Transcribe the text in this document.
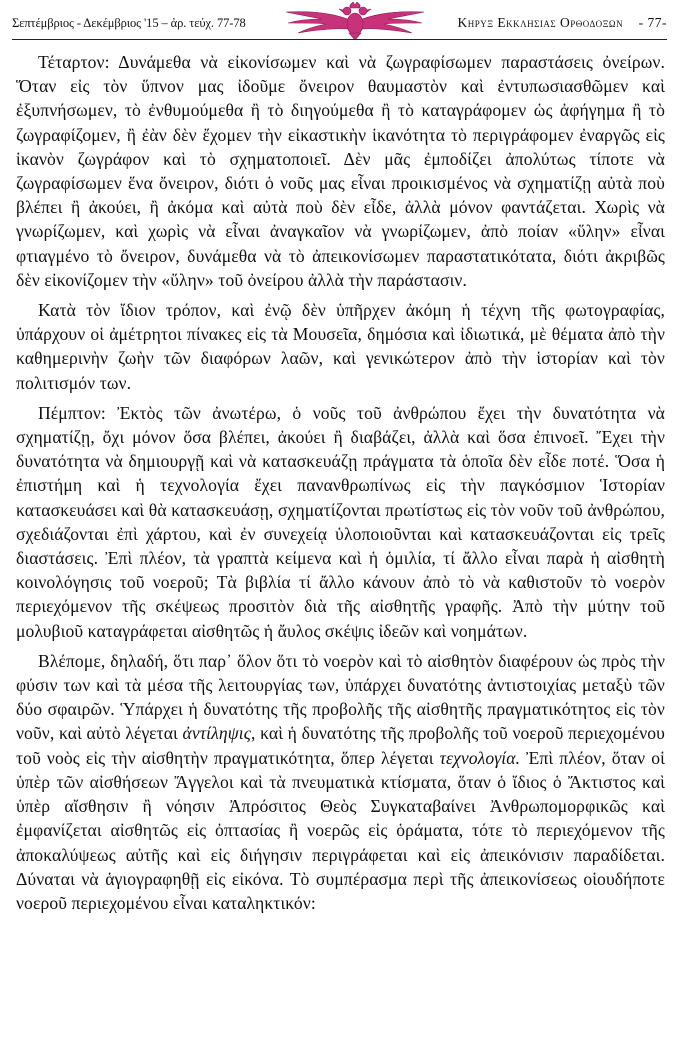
Σεπτέμβριος - Δεκέμβριος '15 – ἀρ. τεύχ. 77-78	Κηρυξ Εκκλησιας Ορθοδοξων - 77-

Τέταρτον: Δυνάμεθα νὰ εἰκονίσωμεν καὶ νὰ ζωγραφίσωμεν παραστάσεις ὀνείρων. Ὅταν εἰς τὸν ὕπνον μας ἰδοῦμε ὄνειρον θαυμαστὸν καὶ ἐντυπωσιασθῶμεν καὶ ἐξυπνήσωμεν, τὸ ἐνθυμούμεθα ἢ τὸ διηγούμεθα ἢ τὸ καταγράφομεν ὡς ἀφήγημα ἢ τὸ ζωγραφίζομεν, ἢ ἐὰν δὲν ἔχομεν τὴν εἰκαστικὴν ἱκανότητα τὸ περιγράφομεν ἐναργῶς εἰς ἱκανὸν ζωγράφον καὶ τὸ σχηματοποιεῖ. Δὲν μᾶς ἐμποδίζει ἀπολύτως τίποτε νὰ ζωγραφίσωμεν ἕνα ὄνειρον, διότι ὁ νοῦς μας εἶναι προικισμένος νὰ σχηματίζῃ αὐτὰ ποὺ βλέπει ἢ ἀκούει, ἢ ἀκόμα καὶ αὐτὰ ποὺ δὲν εἶδε, ἀλλὰ μόνον φαντάζεται. Χωρὶς νὰ γνωρίζωμεν, καὶ χωρὶς νὰ εἶναι ἀναγκαῖον νὰ γνωρίζωμεν, ἀπὸ ποίαν «ὕλην» εἶναι φτιαγμένο τὸ ὄνειρον, δυνάμεθα νὰ τὸ ἀπεικονίσωμεν παραστατικότατα, διότι ἀκριβῶς δὲν εἰκονίζομεν τὴν «ὕλην» τοῦ ὀνείρου ἀλλὰ τὴν παράστασιν.

Κατὰ τὸν ἴδιον τρόπον, καὶ ἐνῷ δὲν ὑπῆρχεν ἀκόμη ἡ τέχνη τῆς φωτογραφίας, ὑπάρχουν οἱ ἀμέτρητοι πίνακες εἰς τὰ Μουσεῖα, δημόσια καὶ ἰδιωτικά, μὲ θέματα ἀπὸ τὴν καθημερινὴν ζωὴν τῶν διαφόρων λαῶν, καὶ γενικώτερον ἀπὸ τὴν ἱστορίαν καὶ τὸν πολιτισμόν των.

Πέμπτον: Ἐκτὸς τῶν ἀνωτέρω, ὁ νοῦς τοῦ ἀνθρώπου ἔχει τὴν δυνατότητα νὰ σχηματίζῃ, ὄχι μόνον ὅσα βλέπει, ἀκούει ἢ διαβάζει, ἀλλὰ καὶ ὅσα ἐπινοεῖ. Ἔχει τὴν δυνατότητα νὰ δημιουργῇ καὶ νὰ κατασκευάζῃ πράγματα τὰ ὁποῖα δὲν εἶδε ποτέ. Ὅσα ἡ ἐπιστήμη καὶ ἡ τεχνολογία ἔχει πανανθρωπίνως εἰς τὴν παγκόσμιον Ἱστορίαν κατασκευάσει καὶ θὰ κατασκευάσῃ, σχηματίζονται πρωτίστως εἰς τὸν νοῦν τοῦ ἀνθρώπου, σχεδιάζονται ἐπὶ χάρτου, καὶ ἐν συνεχείᾳ ὑλοποιοῦνται καὶ κατασκευάζονται εἰς τρεῖς διαστάσεις. Ἐπὶ πλέον, τὰ γραπτὰ κείμενα καὶ ἡ ὁμιλία, τί ἄλλο εἶναι παρὰ ἡ αἰσθητὴ κοινολόγησις τοῦ νοεροῦ; Τὰ βιβλία τί ἄλλο κάνουν ἀπὸ τὸ νὰ καθιστοῦν τὸ νοερὸν περιεχόμενον τῆς σκέψεως προσιτὸν διὰ τῆς αἰσθητῆς γραφῆς. Ἀπὸ τὴν μύτην τοῦ μολυβιοῦ καταγράφεται αἰσθητῶς ἡ ἄυλος σκέψις ἰδεῶν καὶ νοημάτων.

Βλέπομε, δηλαδή, ὅτι παρ᾽ ὅλον ὅτι τὸ νοερὸν καὶ τὸ αἰσθητὸν διαφέρουν ὡς πρὸς τὴν φύσιν των καὶ τὰ μέσα τῆς λειτουργίας των, ὑπάρχει δυνατότης ἀντιστοιχίας μεταξὺ τῶν δύο σφαιρῶν. Ὑπάρχει ἡ δυνατότης τῆς προβολῆς τῆς αἰσθητῆς πραγματικότητος εἰς τὸν νοῦν, καὶ αὐτὸ λέγεται ἀντίληψις, καὶ ἡ δυνατότης τῆς προβολῆς τοῦ νοεροῦ περιεχομένου τοῦ νοὸς εἰς τὴν αἰσθητὴν πραγματικότητα, ὅπερ λέγεται τεχνολογία. Ἐπὶ πλέον, ὅταν οἱ ὑπὲρ τῶν αἰσθήσεων Ἄγγελοι καὶ τὰ πνευματικὰ κτίσματα, ὅταν ὁ ἴδιος ὁ Ἄκτιστος καὶ ὑπὲρ αἴσθησιν ἢ νόησιν Ἀπρόσιτος Θεὸς Συγκαταβαίνει Ἀνθρωπομορφικῶς καὶ ἐμφανίζεται αἰσθητῶς εἰς ὀπτασίας ἢ νοερῶς εἰς ὁράματα, τότε τὸ περιεχόμενον τῆς ἀποκαλύψεως αὐτῆς καὶ εἰς διήγησιν περιγράφεται καὶ εἰς ἀπεικόνισιν παραδίδεται. Δύναται νὰ ἁγιογραφηθῇ εἰς εἰκόνα. Τὸ συμπέρασμα περὶ τῆς ἀπεικονίσεως οἱουδήποτε νοεροῦ περιεχομένου εἶναι καταληκτικόν:
